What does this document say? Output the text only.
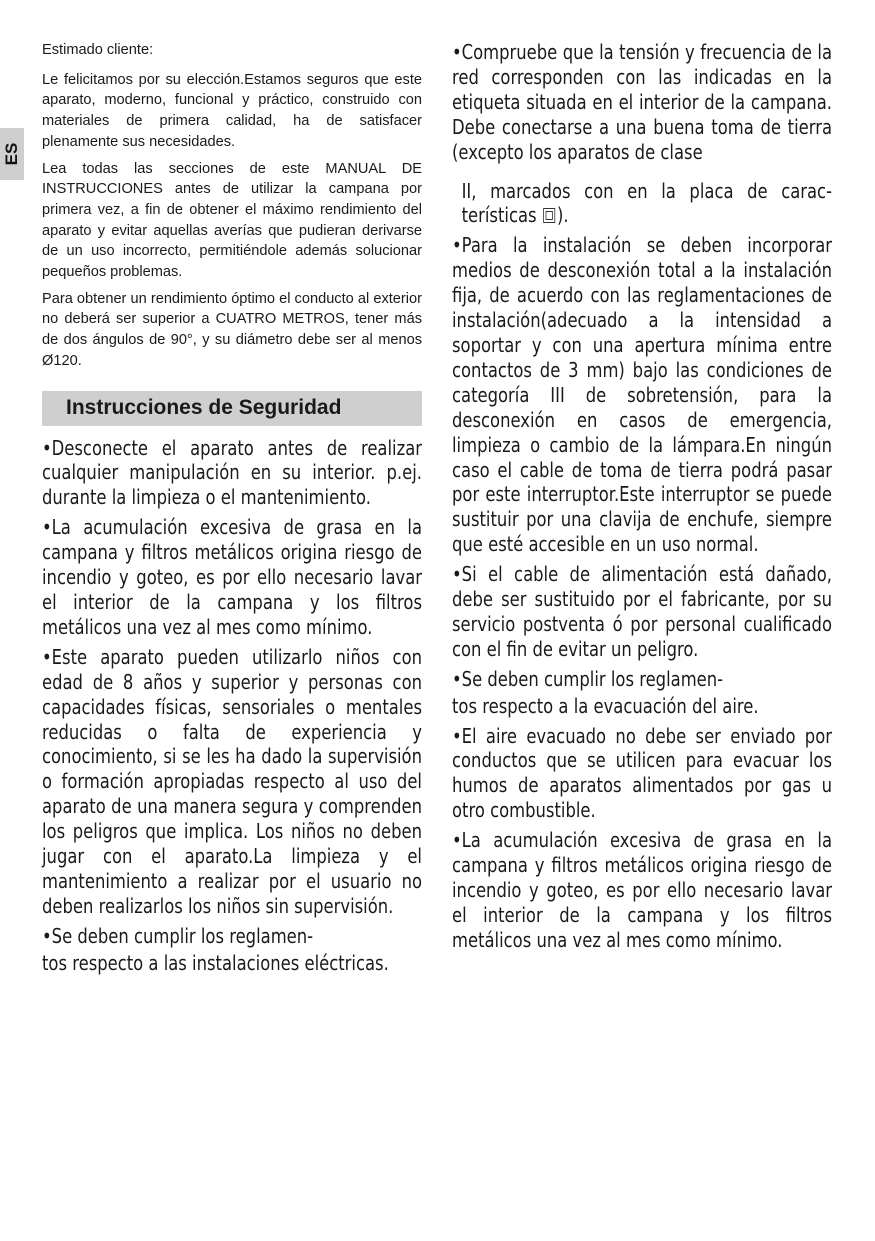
ES

Estimado cliente:

Le felicitamos por su elección.Estamos seguros que este aparato, moderno, funcional y práctico, construido con materiales de primera calidad, ha de satisfacer plenamente sus necesidades.

Lea todas las secciones de este MANUAL DE INSTRUCCIONES antes de utilizar la campana por primera vez, a fin de obtener el máximo rendimiento del aparato y evitar aquellas averías que pudieran derivarse de un uso incorrecto, permitiéndole además solucionar pequeños problemas.

Para obtener un rendimiento óptimo el conducto al exterior no deberá ser superior a CUATRO METROS, tener más de dos ángulos de 90°, y su diámetro debe ser al menos Ø120.

Instrucciones de Seguridad

•Desconecte el aparato antes de realizar cualquier manipulación en su interior. p.ej. durante la limpieza o el mantenimiento.

•La acumulación excesiva de grasa en la campana y filtros metálicos origina riesgo de incendio y goteo, es por ello necesario lavar el interior de la campana y los filtros metálicos una vez al mes como mínimo.

•Este aparato pueden utilizarlo niños con edad de 8 años y superior y personas con capacidades físicas, sensoriales o mentales reducidas o falta de experiencia y conocimiento, si se les ha dado la supervisión o formación apropiadas respecto al uso del aparato de una manera segura y comprenden los peligros que implica. Los niños no deben jugar con el aparato.La limpieza y el mantenimiento a realizar por el usuario no deben realizarlos los niños sin supervisión.

•Se deben cumplir los reglamen-

tos respecto a las instalaciones eléctricas.

•Compruebe que la tensión y frecuencia de la red corresponden con las indicadas en la etiqueta situada en el interior de la campana. Debe conectarse a una buena toma de tierra (excepto los aparatos de clase

II, marcados con en la placa de carac-terísticas ).

•Para la instalación se deben incorporar medios de desconexión total a la instalación fija, de acuerdo con las reglamentaciones de instalación(adecuado a la intensidad a soportar y con una apertura mínima entre contactos de 3 mm) bajo las condiciones de categoría III de sobretensión, para la desconexión en casos de emergencia, limpieza o cambio de la lámpara.En ningún caso el cable de toma de tierra podrá pasar por este interruptor.Este interruptor se puede sustituir por una clavija de enchufe, siempre que esté accesible en un uso normal.

•Si el cable de alimentación está dañado, debe ser sustituido por el fabricante, por su servicio postventa ó por personal cualificado con el fin de evitar un peligro.

•Se deben cumplir los reglamen-

tos respecto a la evacuación del aire.

•El aire evacuado no debe ser enviado por conductos que se utilicen para evacuar los humos de aparatos alimentados por gas u otro combustible.

•La acumulación excesiva de grasa en la campana y filtros metálicos origina riesgo de incendio y goteo, es por ello necesario lavar el interior de la campana y los filtros metálicos una vez al mes como mínimo.
